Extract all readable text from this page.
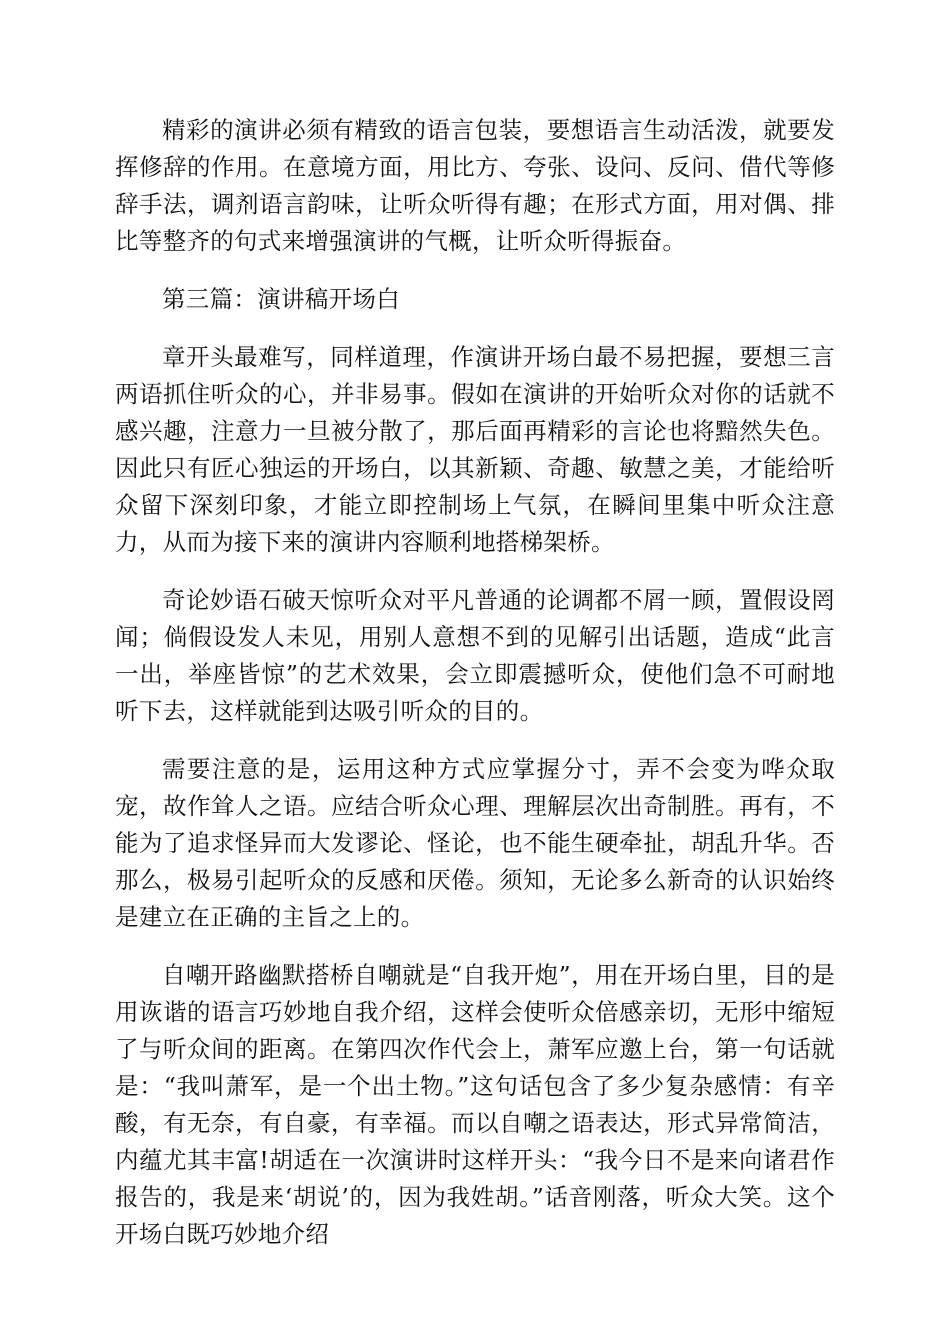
精彩的演讲必须有精致的语言包装，要想语言生动活泼，就要发挥修辞的作用。在意境方面，用比方、夸张、设问、反问、借代等修辞手法，调剂语言韵味，让听众听得有趣；在形式方面，用对偶、排比等整齐的句式来增强演讲的气概，让听众听得振奋。

第三篇：演讲稿开场白

章开头最难写，同样道理，作演讲开场白最不易把握，要想三言两语抓住听众的心，并非易事。假如在演讲的开始听众对你的话就不感兴趣，注意力一旦被分散了，那后面再精彩的言论也将黯然失色。因此只有匠心独运的开场白，以其新颖、奇趣、敏慧之美，才能给听众留下深刻印象，才能立即控制场上气氛，在瞬间里集中听众注意力，从而为接下来的演讲内容顺利地搭梯架桥。

奇论妙语石破天惊听众对平凡普通的论调都不屑一顾，置假设罔闻；倘假设发人未见，用别人意想不到的见解引出话题，造成“此言一出，举座皆惊”的艺术效果，会立即震撼听众，使他们急不可耐地听下去，这样就能到达吸引听众的目的。

需要注意的是，运用这种方式应掌握分寸，弄不会变为哗众取宠，故作耸人之语。应结合听众心理、理解层次出奇制胜。再有，不能为了追求怪异而大发谬论、怪论，也不能生硬牵扯，胡乱升华。否那么，极易引起听众的反感和厌倦。须知，无论多么新奇的认识始终是建立在正确的主旨之上的。

自嘲开路幽默搭桥自嘲就是“自我开炮”，用在开场白里，目的是用诙谐的语言巧妙地自我介绍，这样会使听众倍感亲切，无形中缩短了与听众间的距离。在第四次作代会上，萧军应邀上台，第一句话就是：“我叫萧军，是一个出土物。”这句话包含了多少复杂感情：有辛酸，有无奈，有自豪，有幸福。而以自嘲之语表达，形式异常简洁，内蕴尤其丰富!胡适在一次演讲时这样开头：“我今日不是来向诸君作报告的，我是来‘胡说’的，因为我姓胡。”话音刚落，听众大笑。这个开场白既巧妙地介绍
